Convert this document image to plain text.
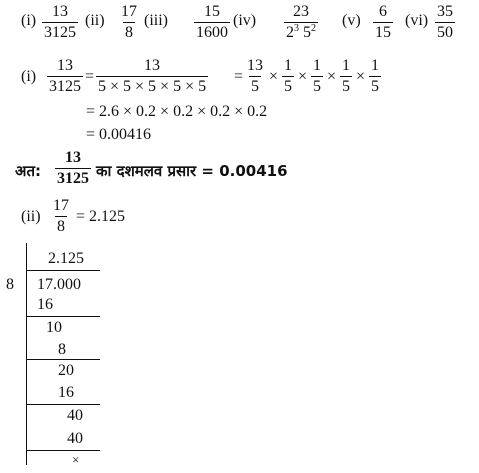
$(i) \frac{13}{3125} (ii) \frac{17}{8} (iii) \frac{15}{1600} (iv) \frac{23}{2^3 5^2} (v) \frac{6}{15} (vi) \frac{35}{50}$
$(i) \frac{13}{3125} = \frac{13}{5 \times 5 \times 5 \times 5 \times 5} = \frac{13}{5} \times \frac{1}{5} \times \frac{1}{5} \times \frac{1}{5} \times \frac{1}{5}$
= 2.6 × 0.2 × 0.2 × 0.2 × 0.2
= 0.00416
अत: $\frac{13}{3125}$ का दशमलव प्रसार = 0.00416
$(ii) \frac{17}{8} = 2.125$
8
2.125
17.000
16
10
8
20
16
40
40
×
